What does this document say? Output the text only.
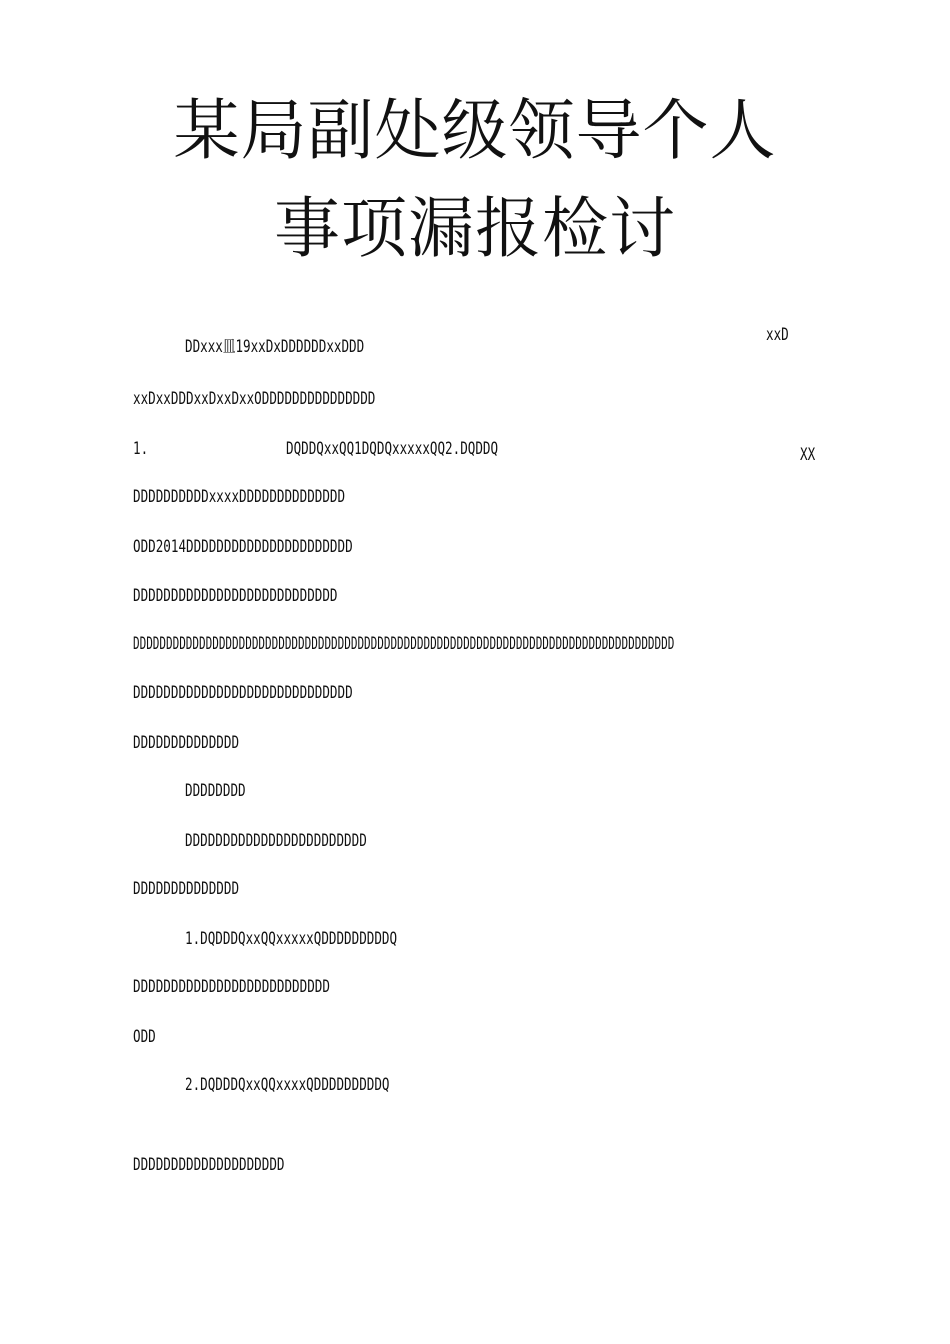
某局副处级领导个人
事项漏报检讨
DDxxx皿19xxDxDDDDDDxxDDD
xxD
xxDxxDDDxxDxxDxxODDDDDDDDDDDDDDD
1.	DQDDQxxQQ1DQDQxxxxxQQ2.DQDDQ	XX
DDDDDDDDDDxxxxDDDDDDDDDDDDDD
ODD2014DDDDDDDDDDDDDDDDDDDDDD
DDDDDDDDDDDDDDDDDDDDDDDDDDD
DDDDDDDDDDDDDDDDDDDDDDDDDDDDDDDDDDDDDDDDDDDDDDDDDDDDDDDDDDDDDDDDDDDDDDDDDDDDDDDDDD
DDDDDDDDDDDDDDDDDDDDDDDDDDDDD
DDDDDDDDDDDDDD
DDDDDDDD
DDDDDDDDDDDDDDDDDDDDDDDD
DDDDDDDDDDDDDD
1.DQDDDQxxQQxxxxxQDDDDDDDDDQ
DDDDDDDDDDDDDDDDDDDDDDDDDD
ODD
2.DQDDDQxxQQxxxxQDDDDDDDDDQ
DDDDDDDDDDDDDDDDDDDD
